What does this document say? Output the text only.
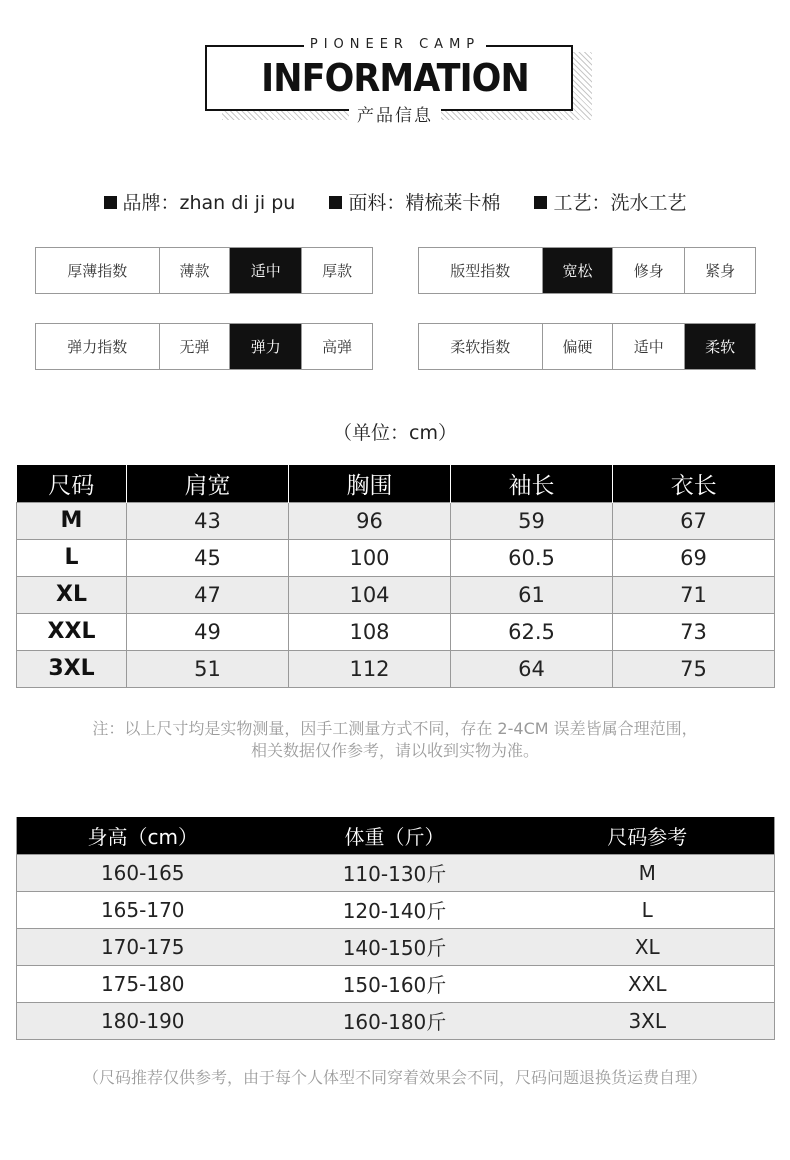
PIONEER CAMP
INFORMATION
产品信息
品牌：zhan di ji pu	面料：精梳莱卡棉	工艺：洗水工艺
厚薄指数	薄款	适中	厚款	版型指数	宽松	修身	紧身
弹力指数	无弹	弹力	高弹	柔软指数	偏硬	适中	柔软
（单位：cm）
尺码	肩宽	胸围	袖长	衣长
M	43	96	59	67
L	45	100	60.5	69
XL	47	104	61	71
XXL	49	108	62.5	73
3XL	51	112	64	75
注：以上尺寸均是实物测量，因手工测量方式不同，存在 2-4CM 误差皆属合理范围，
相关数据仅作参考，请以收到实物为准。
身高（cm）	体重（斤）	尺码参考
160-165	110-130斤	M
165-170	120-140斤	L
170-175	140-150斤	XL
175-180	150-160斤	XXL
180-190	160-180斤	3XL
（尺码推荐仅供参考，由于每个人体型不同穿着效果会不同，尺码问题退换货运费自理）
